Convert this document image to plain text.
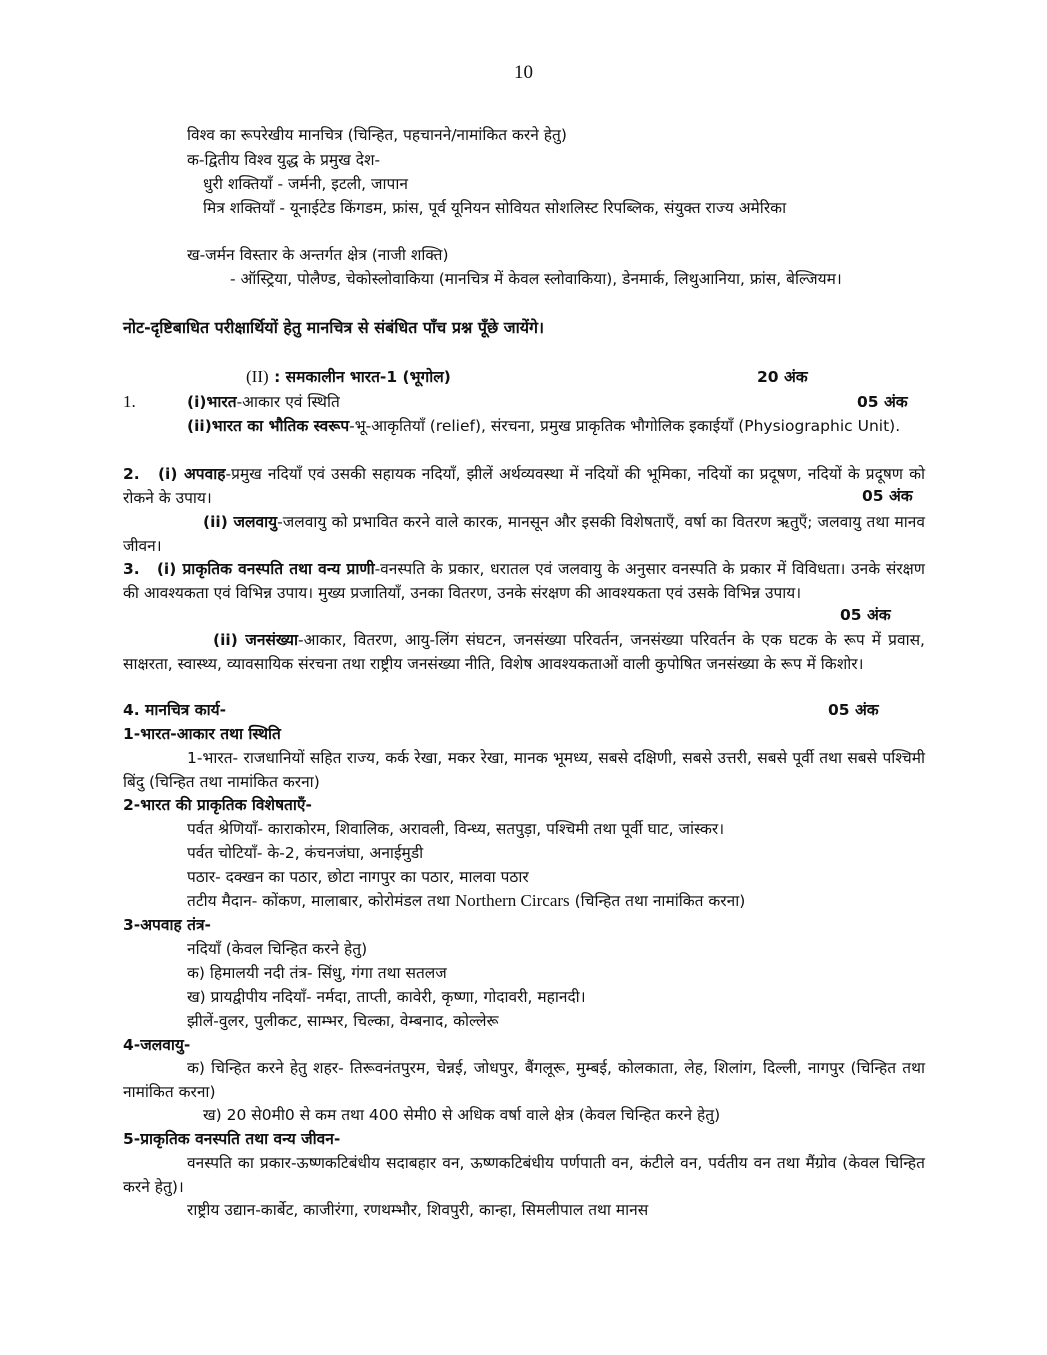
10
विश्व का रूपरेखीय मानचित्र (चिन्हित, पहचानने/नामांकित करने हेतु)
क-द्वितीय विश्व युद्ध के प्रमुख देश-
धुरी शक्तियाँ - जर्मनी, इटली, जापान
मित्र शक्तियाँ - यूनाईटेड किंगडम, फ्रांस, पूर्व यूनियन सोवियत सोशलिस्ट रिपब्लिक, संयुक्त राज्य अमेरिका
ख-जर्मन विस्तार के अन्तर्गत क्षेत्र (नाजी शक्ति)
- ऑस्ट्रिया, पोलैण्ड, चेकोस्लोवाकिया (मानचित्र में केवल स्लोवाकिया), डेनमार्क, लिथुआनिया, फ्रांस, बेल्जियम।
नोट-दृष्टिबाधित परीक्षार्थियों हेतु मानचित्र से संबंधित पाँच प्रश्न पूँछे जायेंगे।
(II) : समकालीन भारत-1 (भूगोल)	20 अंक
1.	(i)भारत-आकार एवं स्थिति	05 अंक
(ii)भारत का भौतिक स्वरूप-भू-आकृतियाँ (relief), संरचना, प्रमुख प्राकृतिक भौगोलिक इकाईयाँ (Physiographic Unit).
2. (i) अपवाह-प्रमुख नदियाँ एवं उसकी सहायक नदियाँ, झीलें अर्थव्यवस्था में नदियों की भूमिका, नदियों का प्रदूषण, नदियों के प्रदूषण को रोकने के उपाय।	05 अंक
(ii) जलवायु-जलवायु को प्रभावित करने वाले कारक, मानसून और इसकी विशेषताएँ, वर्षा का वितरण ऋतुएँ; जलवायु तथा मानव जीवन।
3. (i) प्राकृतिक वनस्पति तथा वन्य प्राणी-वनस्पति के प्रकार, धरातल एवं जलवायु के अनुसार वनस्पति के प्रकार में विविधता। उनके संरक्षण की आवश्यकता एवं विभिन्न उपाय। मुख्य प्रजातियाँ, उनका वितरण, उनके संरक्षण की आवश्यकता एवं उसके विभिन्न उपाय।
05 अंक
(ii) जनसंख्या-आकार, वितरण, आयु-लिंग संघटन, जनसंख्या परिवर्तन, जनसंख्या परिवर्तन के एक घटक के रूप में प्रवास, साक्षरता, स्वास्थ्य, व्यावसायिक संरचना तथा राष्ट्रीय जनसंख्या नीति, विशेष आवश्यकताओं वाली कुपोषित जनसंख्या के रूप में किशोर।
4. मानचित्र कार्य-	05 अंक
1-भारत-आकार तथा स्थिति
1-भारत- राजधानियों सहित राज्य, कर्क रेखा, मकर रेखा, मानक भूमध्य, सबसे दक्षिणी, सबसे उत्तरी, सबसे पूर्वी तथा सबसे पश्चिमी बिंदु (चिन्हित तथा नामांकित करना)
2-भारत की प्राकृतिक विशेषताएँ-
पर्वत श्रेणियाँ- काराकोरम, शिवालिक, अरावली, विन्ध्य, सतपुड़ा, पश्चिमी तथा पूर्वी घाट, जांस्कर।
पर्वत चोटियाँ- के-2, कंचनजंघा, अनाईमुडी
पठार- दक्खन का पठार, छोटा नागपुर का पठार, मालवा पठार
तटीय मैदान- कोंकण, मालाबार, कोरोमंडल तथा Northern Circars (चिन्हित तथा नामांकित करना)
3-अपवाह तंत्र-
नदियाँ (केवल चिन्हित करने हेतु)
क) हिमालयी नदी तंत्र- सिंधु, गंगा तथा सतलज
ख) प्रायद्वीपीय नदियाँ- नर्मदा, ताप्ती, कावेरी, कृष्णा, गोदावरी, महानदी।
झीलें-वुलर, पुलीकट, साम्भर, चिल्का, वेम्बनाद, कोल्लेरू
4-जलवायु-
क) चिन्हित करने हेतु शहर- तिरूवनंतपुरम, चेन्नई, जोधपुर, बैंगलूरू, मुम्बई, कोलकाता, लेह, शिलांग, दिल्ली, नागपुर (चिन्हित तथा नामांकित करना)
ख) 20 से0मी0 से कम तथा 400 सेमी0 से अधिक वर्षा वाले क्षेत्र (केवल चिन्हित करने हेतु)
5-प्राकृतिक वनस्पति तथा वन्य जीवन-
वनस्पति का प्रकार-ऊष्णकटिबंधीय सदाबहार वन, ऊष्णकटिबंधीय पर्णपाती वन, कंटीले वन, पर्वतीय वन तथा मैंग्रोव (केवल चिन्हित करने हेतु)।
राष्ट्रीय उद्यान-कार्बेट, काजीरंगा, रणथम्भौर, शिवपुरी, कान्हा, सिमलीपाल तथा मानस
